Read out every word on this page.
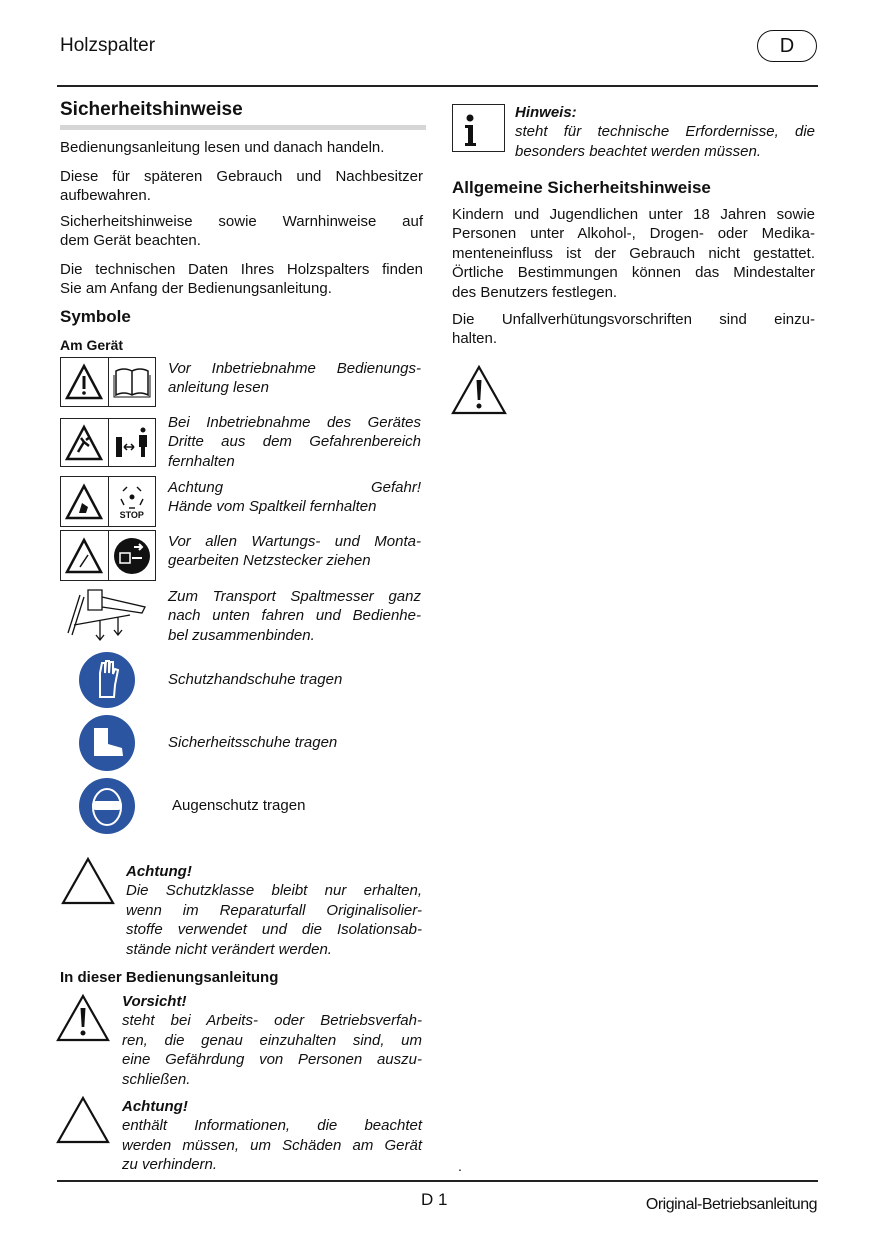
Holzspalter	D
Sicherheitshinweise
Bedienungsanleitung lesen und danach handeln.
Diese für späteren Gebrauch und Nachbesitzer
aufbewahren.
Sicherheitshinweise sowie Warnhinweise auf
dem Gerät beachten.
Die technischen Daten Ihres Holzspalters finden
Sie am Anfang der Bedienungsanleitung.
Symbole
Am Gerät
Vor Inbetriebnahme Bedienungs-
anleitung lesen
Bei Inbetriebnahme des Gerätes
Dritte aus dem Gefahrenbereich
fernhalten
STOP
Achtung Gefahr!
Hände vom Spaltkeil fernhalten
Vor allen Wartungs- und Monta-
gearbeiten Netzstecker ziehen
Zum Transport Spaltmesser ganz
nach unten fahren und Bedienhe-
bel zusammenbinden.
Schutzhandschuhe tragen
Sicherheitsschuhe tragen
Augenschutz tragen
Achtung!
Die Schutzklasse bleibt nur erhalten,
wenn im Reparaturfall Originalisolier-
stoffe verwendet und die Isolationsab-
stände nicht verändert werden.
In dieser Bedienungsanleitung
Vorsicht!
steht bei Arbeits- oder Betriebsverfah-
ren, die genau einzuhalten sind, um
eine Gefährdung von Personen auszu-
schließen.
Achtung!
enthält Informationen, die beachtet
werden müssen, um Schäden am Gerät
zu verhindern.
Hinweis:
steht für technische Erfordernisse, die
besonders beachtet werden müssen.
Allgemeine Sicherheitshinweise
Kindern und Jugendlichen unter 18 Jahren sowie
Personen unter Alkohol-, Drogen- oder Medika-
menteneinfluss ist der Gebrauch nicht gestattet.
Örtliche Bestimmungen können das Mindestalter
des Benutzers festlegen.
Die Unfallverhütungsvorschriften sind einzu-
halten.
.
D 1	Original-Betriebsanleitung
